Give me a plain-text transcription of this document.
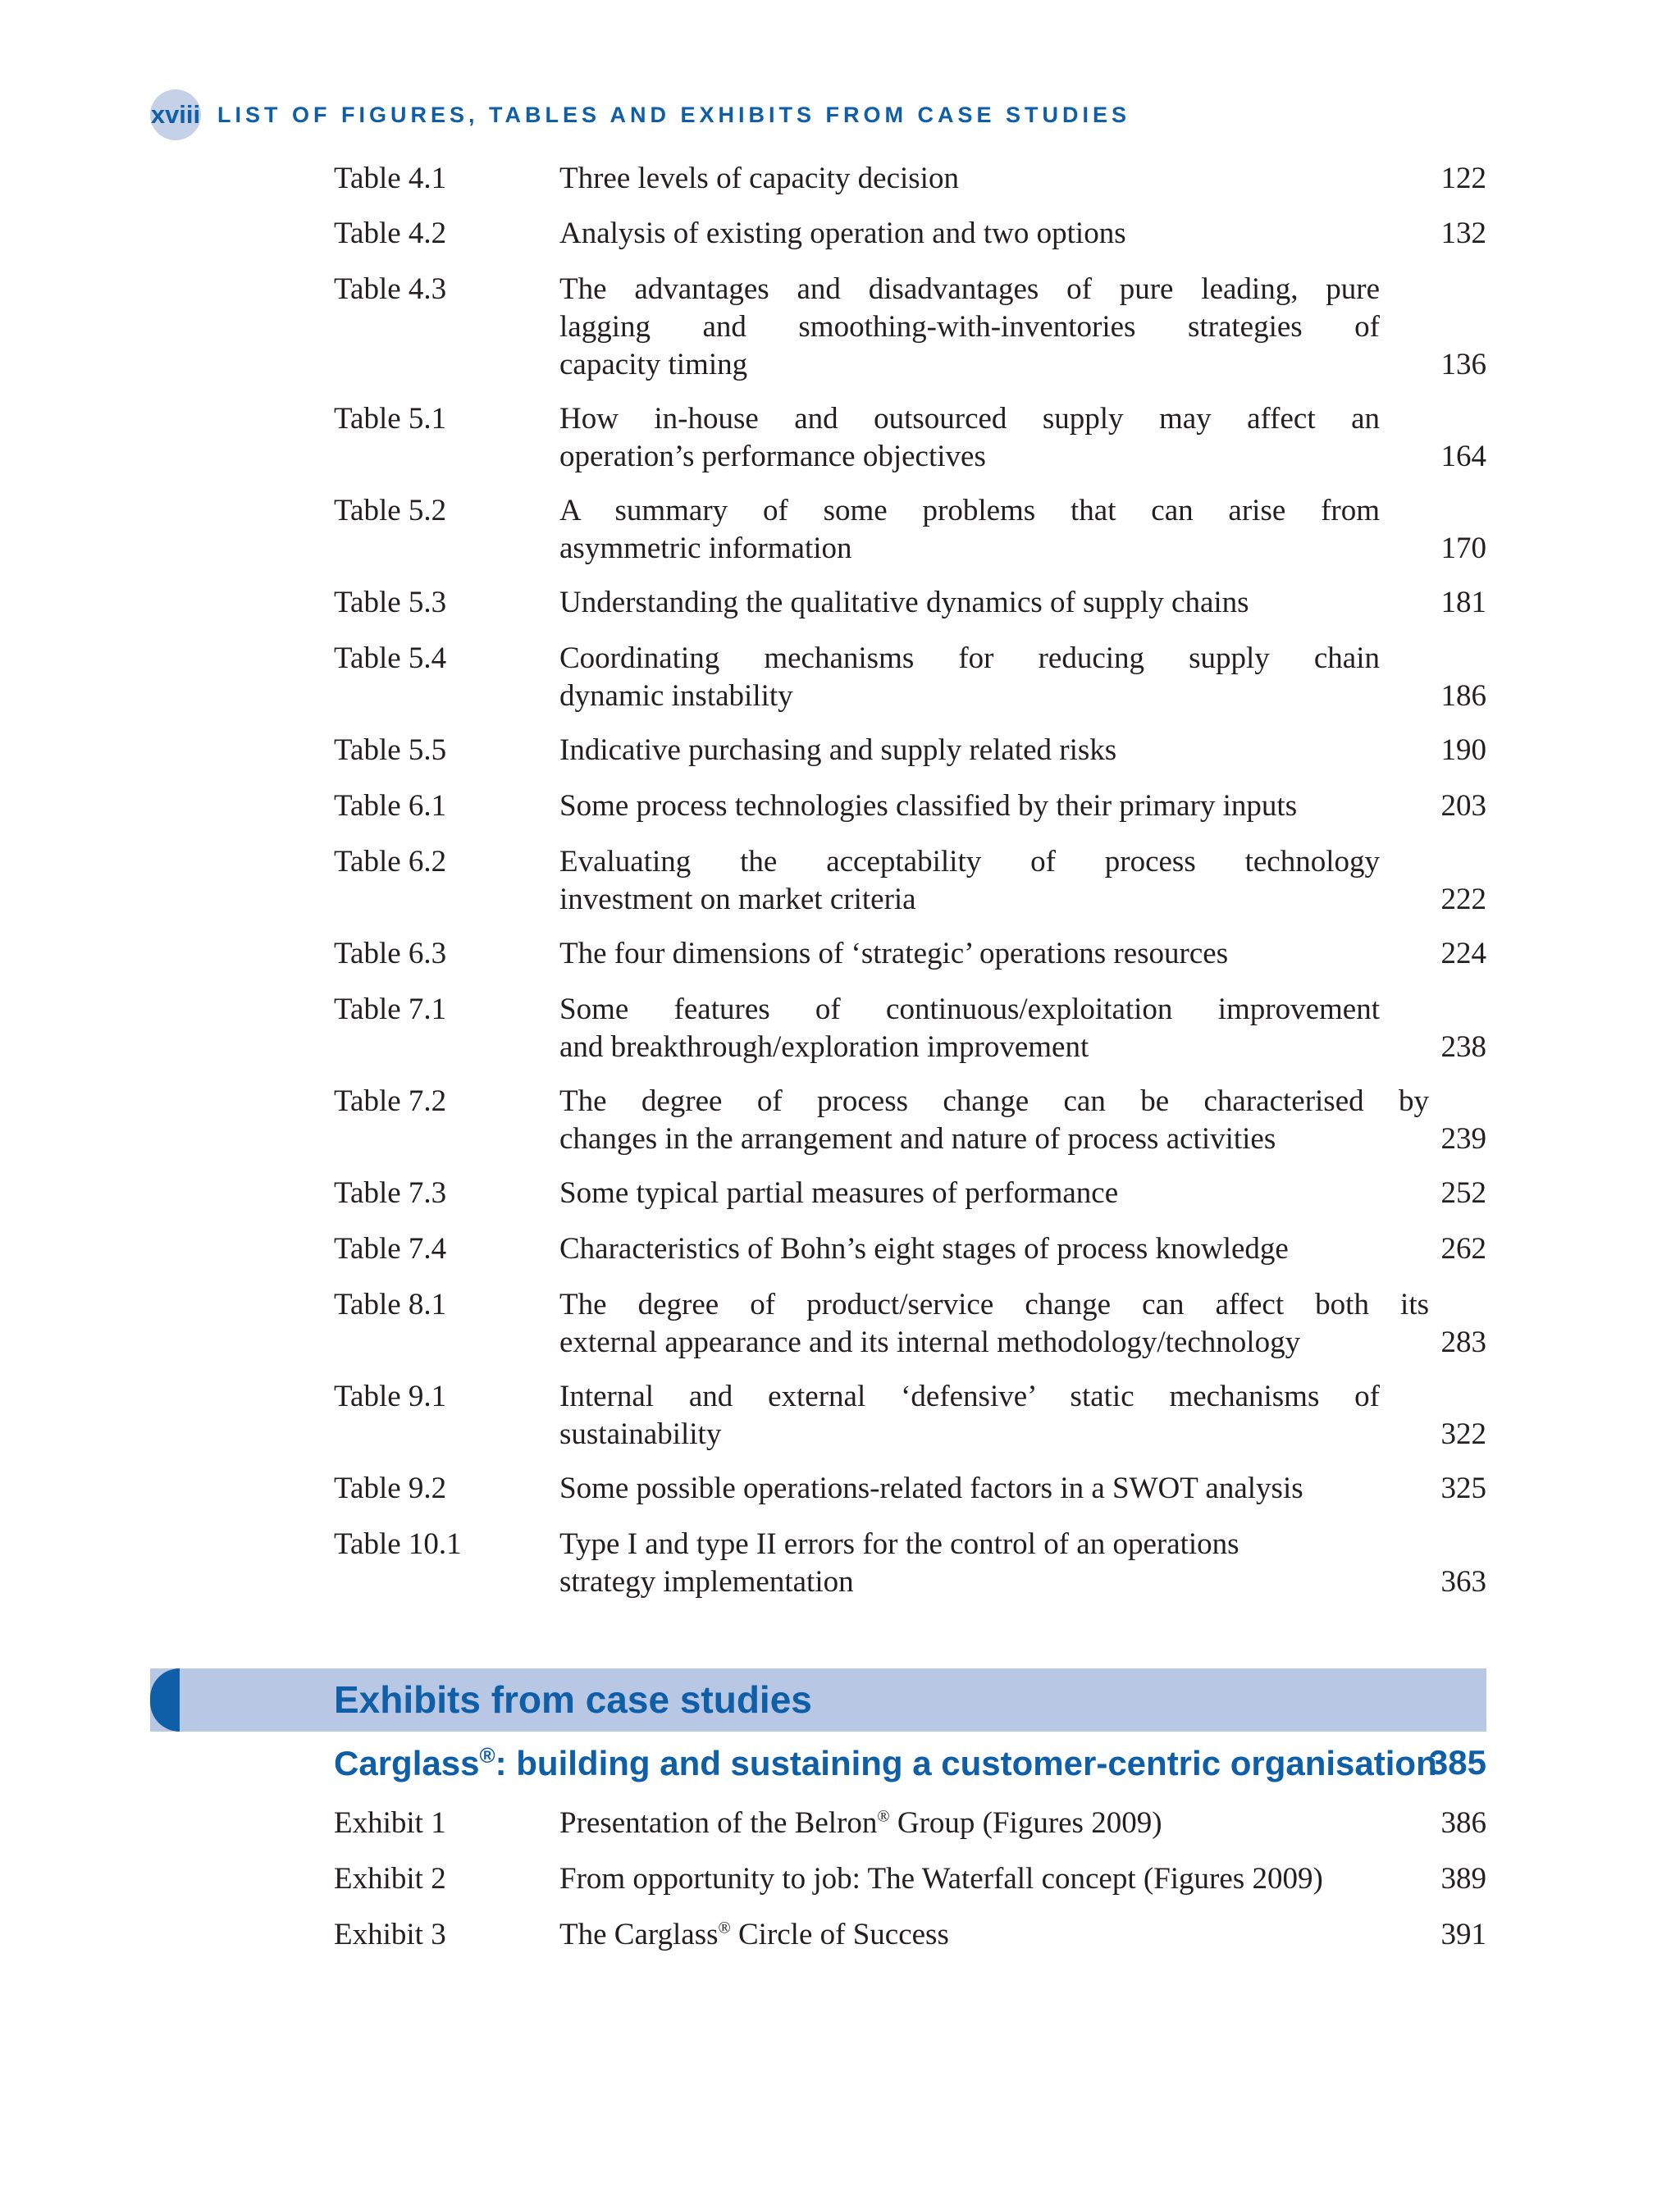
xviii LIST OF FIGURES, TABLES AND EXHIBITS FROM CASE STUDIES
Table 4.1	Three levels of capacity decision	122
Table 4.2	Analysis of existing operation and two options	132
Table 4.3	The advantages and disadvantages of pure leading, pure
lagging and smoothing-with-inventories strategies of
capacity timing	136
Table 5.1	How in-house and outsourced supply may affect an
operation’s performance objectives	164
Table 5.2	A summary of some problems that can arise from
asymmetric information	170
Table 5.3	Understanding the qualitative dynamics of supply chains	181
Table 5.4	Coordinating mechanisms for reducing supply chain
dynamic instability	186
Table 5.5	Indicative purchasing and supply related risks	190
Table 6.1	Some process technologies classified by their primary inputs	203
Table 6.2	Evaluating the acceptability of process technology
investment on market criteria	222
Table 6.3	The four dimensions of ‘strategic’ operations resources	224
Table 7.1	Some features of continuous/exploitation improvement
and breakthrough/exploration improvement	238
Table 7.2	The degree of process change can be characterised by
changes in the arrangement and nature of process activities	239
Table 7.3	Some typical partial measures of performance	252
Table 7.4	Characteristics of Bohn’s eight stages of process knowledge	262
Table 8.1	The degree of product/service change can affect both its
external appearance and its internal methodology/technology	283
Table 9.1	Internal and external ‘defensive’ static mechanisms of
sustainability	322
Table 9.2	Some possible operations-related factors in a SWOT analysis	325
Table 10.1	Type I and type II errors for the control of an operations
strategy implementation	363
Exhibits from case studies
Carglass®: building and sustaining a customer-centric organisation
385
Exhibit 1	Presentation of the Belron® Group (Figures 2009)	386
Exhibit 2	From opportunity to job: The Waterfall concept (Figures 2009)	389
Exhibit 3	The Carglass® Circle of Success	391
